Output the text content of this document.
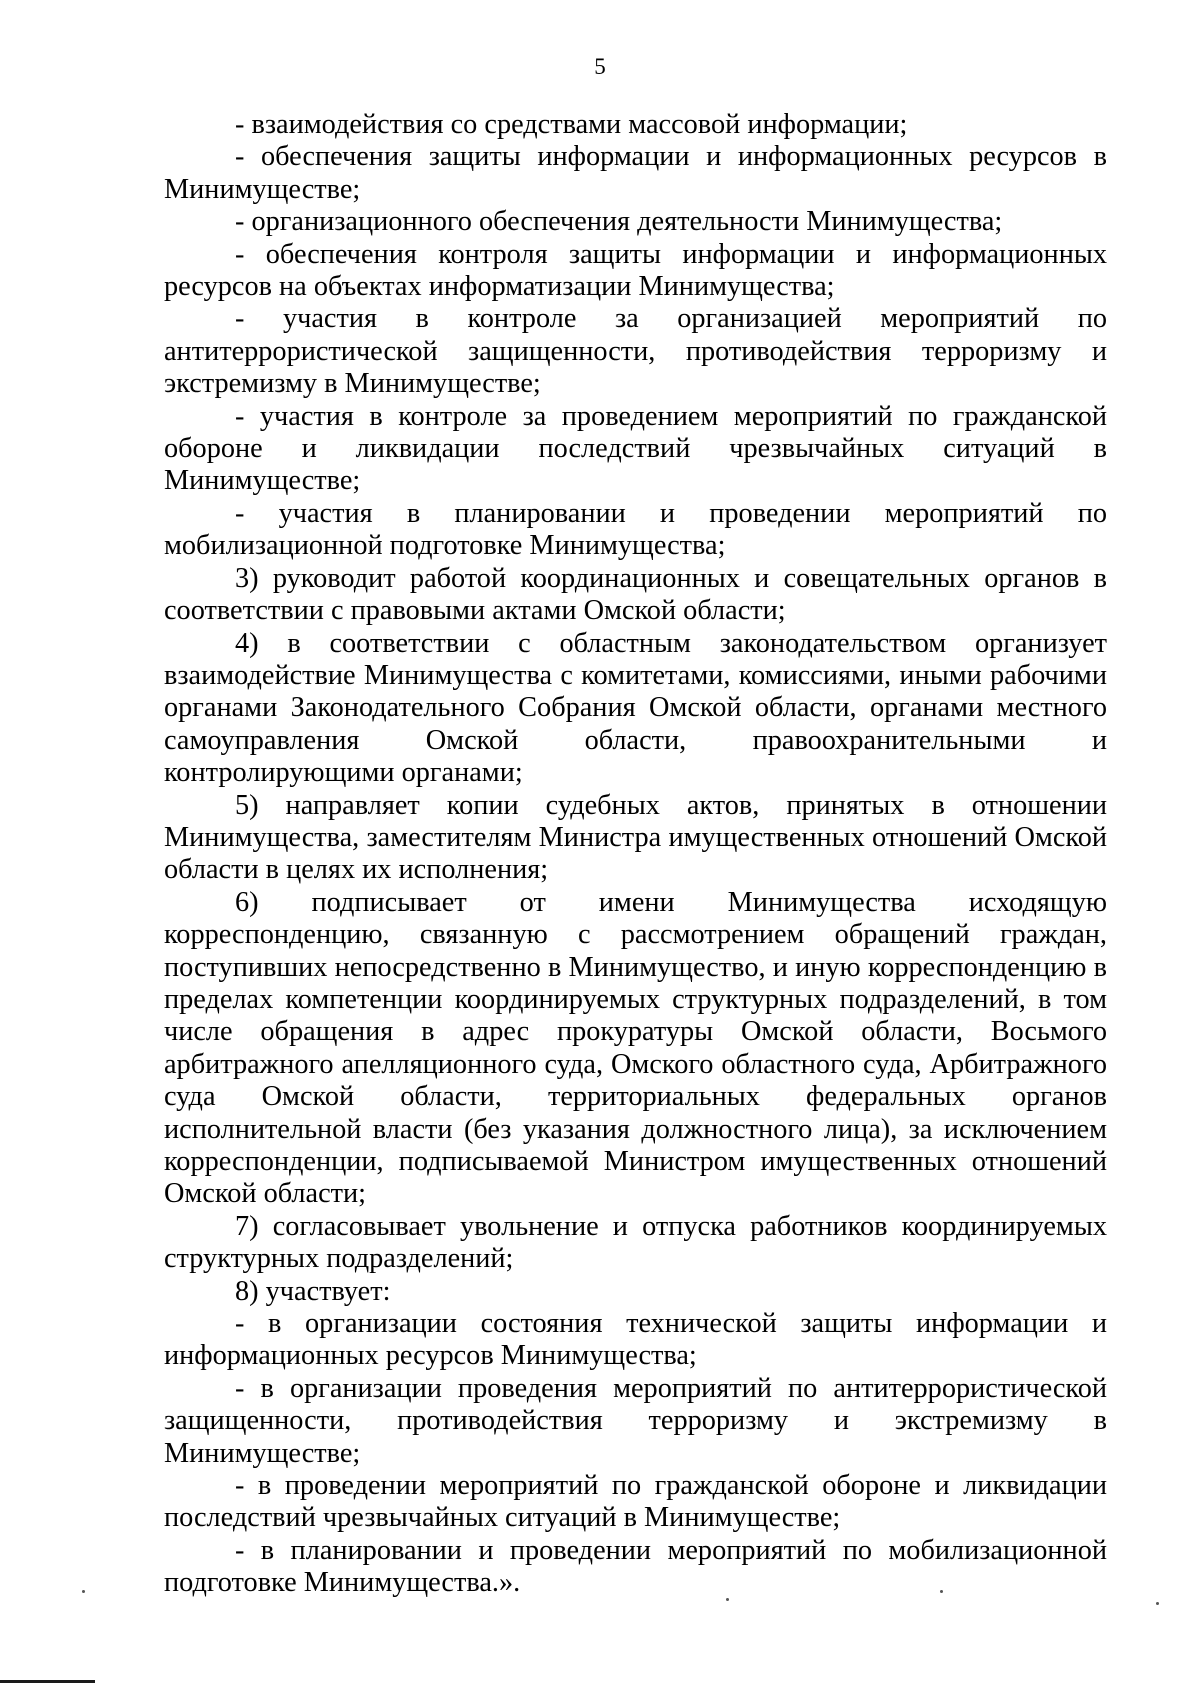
5

- взаимодействия со средствами массовой информации;

- обеспечения защиты информации и информационных ресурсов в Минимуществе;

- организационного обеспечения деятельности Минимущества;

- обеспечения контроля защиты информации и информационных ресурсов на объектах информатизации Минимущества;

- участия в контроле за организацией мероприятий по антитеррористической защищенности, противодействия терроризму и экстремизму в Минимуществе;

- участия в контроле за проведением мероприятий по гражданской обороне и ликвидации последствий чрезвычайных ситуаций в Минимуществе;

- участия в планировании и проведении мероприятий по мобилизационной подготовке Минимущества;

3) руководит работой координационных и совещательных органов в соответствии с правовыми актами Омской области;

4) в соответствии с областным законодательством организует взаимодействие Минимущества с комитетами, комиссиями, иными рабочими органами Законодательного Собрания Омской области, органами местного самоуправления Омской области, правоохранительными и контролирующими органами;

5) направляет копии судебных актов, принятых в отношении Минимущества, заместителям Министра имущественных отношений Омской области в целях их исполнения;

6) подписывает от имени Минимущества исходящую корреспонденцию, связанную с рассмотрением обращений граждан, поступивших непосредственно в Минимущество, и иную корреспонденцию в пределах компетенции координируемых структурных подразделений, в том числе обращения в адрес прокуратуры Омской области, Восьмого арбитражного апелляционного суда, Омского областного суда, Арбитражного суда Омской области, территориальных федеральных органов исполнительной власти (без указания должностного лица), за исключением корреспонденции, подписываемой Министром имущественных отношений Омской области;

7) согласовывает увольнение и отпуска работников координируемых структурных подразделений;

8) участвует:

- в организации состояния технической защиты информации и информационных ресурсов Минимущества;

- в организации проведения мероприятий по антитеррористической защищенности, противодействия терроризму и экстремизму в Минимуществе;

- в проведении мероприятий по гражданской обороне и ликвидации последствий чрезвычайных ситуаций в Минимуществе;

- в планировании и проведении мероприятий по мобилизационной подготовке Минимущества.».
